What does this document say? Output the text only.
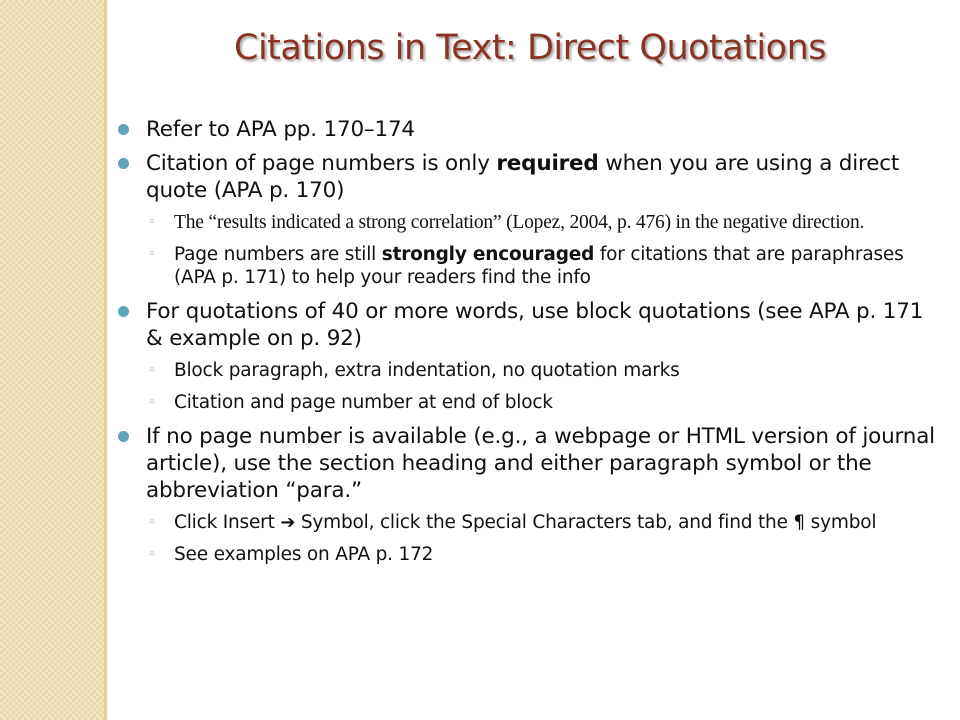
Citations in Text: Direct Quotations
Refer to APA pp. 170–174
Citation of page numbers is only required when you are using a direct quote (APA p. 170)
◦ The “results indicated a strong correlation” (Lopez, 2004, p. 476) in the negative direction.
◦ Page numbers are still strongly encouraged for citations that are paraphrases (APA p. 171) to help your readers find the info
For quotations of 40 or more words, use block quotations (see APA p. 171 & example on p. 92)
◦ Block paragraph, extra indentation, no quotation marks
◦ Citation and page number at end of block
If no page number is available (e.g., a webpage or HTML version of journal article), use the section heading and either paragraph symbol or the abbreviation “para.”
◦ Click Insert ➔ Symbol, click the Special Characters tab, and find the ¶ symbol
◦ See examples on APA p. 172
